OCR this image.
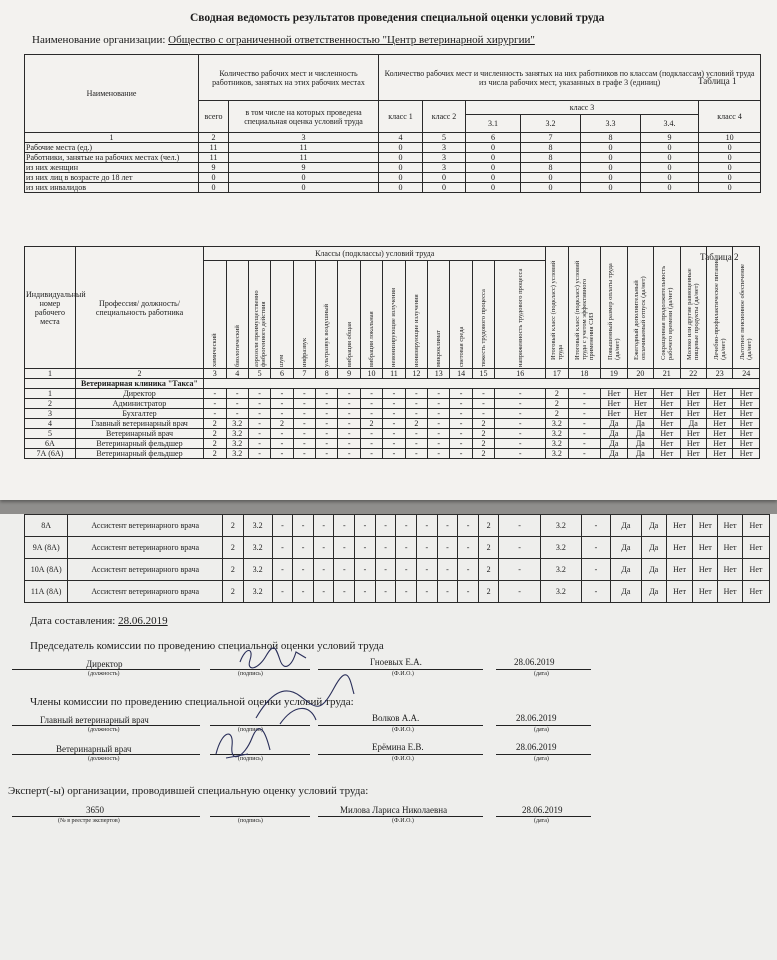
Сводная ведомость результатов проведения специальной оценки условий труда
Наименование организации: Общество с ограниченной ответственностью "Центр ветеринарной хирургии"
Таблица 1
Наименование	Количество рабочих мест и численность работников, занятых на этих рабочих местах		Количество рабочих мест и численность занятых на них работников по классам (подклассам) условий труда из числа рабочих мест, указанных в графе 3 (единиц)						
	всего	в том числе на которых проведена специальная оценка условий труда	класс 1	класс 2	класс 3				класс 4
					3.1	3.2	3.3	3.4.	
1	2	3	4	5	6	7	8	9	10
Рабочие места (ед.)	11	11	0	3	0	8	0	0	0
Работники, занятые на рабочих местах (чел.)	11	11	0	3	0	8	0	0	0
из них женщин	9	9	0	3	0	8	0	0	0
из них лиц в возрасте до 18 лет	0	0	0	0	0	0	0	0	0
из них инвалидов	0	0	0	0	0	0	0	0	0
Таблица 2
Индивидуальный номер рабочего места	Профессия/ должность/ специальность работника	Классы (подклассы) условий труда														Итоговый класс (подкласс) условий труда	Итоговый класс (подкласс) условий труда с учетом эффективного применения СИЗ	Повышенный размер оплаты труда (да/нет)	Ежегодный дополнительный оплачиваемый отпуск (да/нет)	Сокращенная продолжительность рабочего времени (да/нет)	Молоко или другие равноценные пищевые продукты (да/нет)	Лечебно-профилактическое питание (да/нет)	Льготное пенсионное обеспечение (да/нет)

		химический	биологический	аэрозоли преимущественно фиброгенного действия	шум	инфразвук	ультразвук воздушный	вибрация общая	вибрация локальная	неионизирующие излучения	ионизирующие излучения	микроклимат	световая среда	тяжесть трудового процесса	напряженность трудового процесса								

1	2	3	4	5	6	7	8	9	10	11	12	13	14	15	16	17	18	19	20	21	22	23	24
	Ветеринарная клиника "Такса"																						
1	Директор	-	-	-	-	-	-	-	-	-	-	-	-	-	-	2	-	Нет	Нет	Нет	Нет	Нет	Нет
2	Администратор	-	-	-	-	-	-	-	-	-	-	-	-	-	-	2	-	Нет	Нет	Нет	Нет	Нет	Нет
3	Бухгалтер	-	-	-	-	-	-	-	-	-	-	-	-	-	-	2	-	Нет	Нет	Нет	Нет	Нет	Нет
4	Главный ветеринарный врач	2	3.2	-	2	-	-	-	2	-	2	-	-	2	-	3.2	-	Да	Да	Нет	Да	Нет	Нет
5	Ветеринарный врач	2	3.2	-	-	-	-	-	-	-	-	-	-	2	-	3.2	-	Да	Да	Нет	Нет	Нет	Нет
6А	Ветеринарный фельдшер	2	3.2	-	-	-	-	-	-	-	-	-	-	2	-	3.2	-	Да	Да	Нет	Нет	Нет	Нет
7А (6А)	Ветеринарный фельдшер	2	3.2	-	-	-	-	-	-	-	-	-	-	2	-	3.2	-	Да	Да	Нет	Нет	Нет	Нет
8А	Ассистент ветеринарного врача	2	3.2	-	-	-	-	-	-	-	-	-	-	2	-	3.2	-	Да	Да	Нет	Нет	Нет	Нет
9А (8А)	Ассистент ветеринарного врача	2	3.2	-	-	-	-	-	-	-	-	-	-	2	-	3.2	-	Да	Да	Нет	Нет	Нет	Нет
10А (8А)	Ассистент ветеринарного врача	2	3.2	-	-	-	-	-	-	-	-	-	-	2	-	3.2	-	Да	Да	Нет	Нет	Нет	Нет
11А (8А)	Ассистент ветеринарного врача	2	3.2	-	-	-	-	-	-	-	-	-	-	2	-	3.2	-	Да	Да	Нет	Нет	Нет	Нет
Дата составления: 28.06.2019
Председатель комиссии по проведению специальной оценки условий труда
Директор	Гноевых Е.А.	28.06.2019
(должность)	(подпись)	(Ф.И.О.)	(дата)
Члены комиссии по проведению специальной оценки условий труда:
Главный ветеринарный врач	Волков А.А.	28.06.2019
(должность)	(подпись)	(Ф.И.О.)	(дата)
Ветеринарный врач	Ерёмина Е.В.	28.06.2019
(должность)	(подпись)	(Ф.И.О.)	(дата)
Эксперт(-ы) организации, проводившей специальную оценку условий труда:
3650	Милова Лариса Николаевна	28.06.2019
(№ в реестре экспертов)	(подпись)	(Ф.И.О.)	(дата)
